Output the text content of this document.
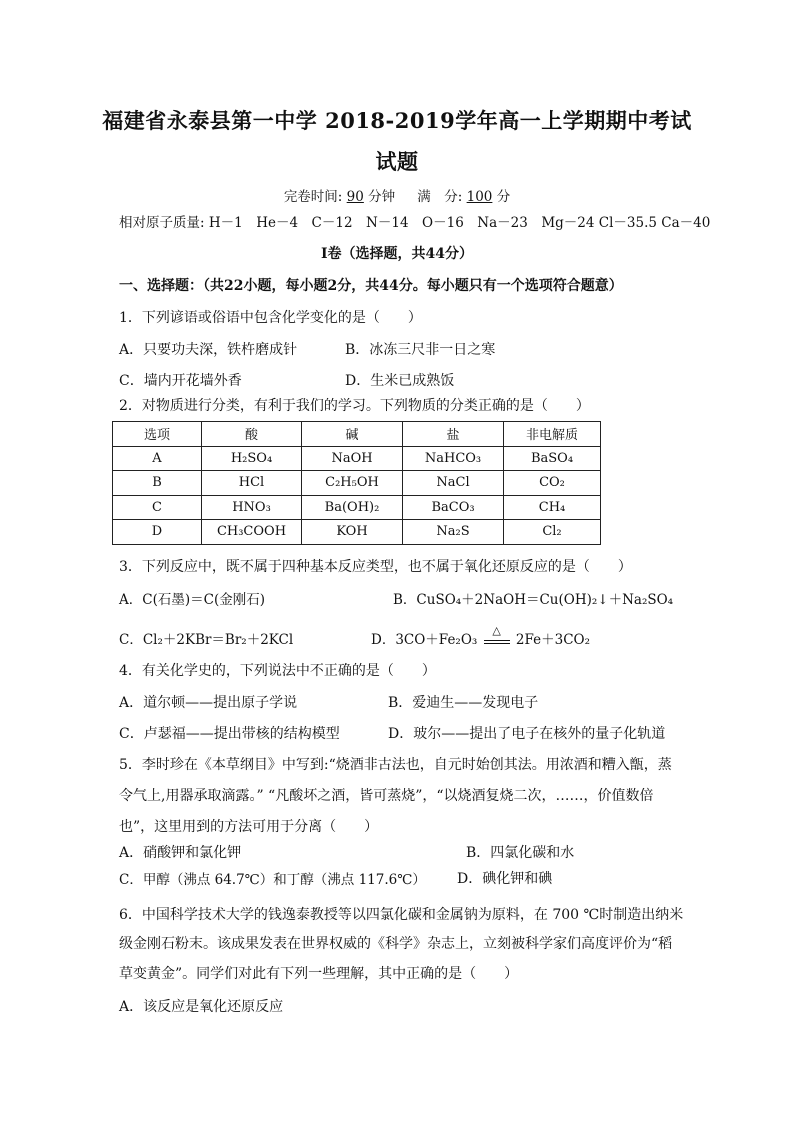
福建省永泰县第一中学 2018-2019学年高一上学期期中考试
试题
完卷时间: 90 分钟 　 满　分: 100 分
相对原子质量: H－1　He－4　C－12　N－14　O－16　Na－23　Mg－24 Cl－35.5 Ca－40
Ⅰ卷（选择题，共44分）
一、选择题：（共22小题，每小题2分，共44分。每小题只有一个选项符合题意）
1．下列谚语或俗语中包含化学变化的是（　　）
A．只要功夫深，铁杵磨成针	B．冰冻三尺非一日之寒
C．墙内开花墙外香	D．生米已成熟饭
2．对物质进行分类，有利于我们的学习。下列物质的分类正确的是（　　）
选项	酸	碱	盐	非电解质
A	H₂SO₄	NaOH	NaHCO₃	BaSO₄
B	HCl	C₂H₅OH	NaCl	CO₂
C	HNO₃	Ba(OH)₂	BaCO₃	CH₄
D	CH₃COOH	KOH	Na₂S	Cl₂
3．下列反应中，既不属于四种基本反应类型，也不属于氧化还原反应的是（　　）
A．C(石墨)＝C(金刚石)	B．CuSO₄＋2NaOH＝Cu(OH)₂↓＋Na₂SO₄
C．Cl₂＋2KBr＝Br₂＋2KCl	D．3CO＋Fe₂O₃
△
2Fe＋3CO₂
4．有关化学史的，下列说法中不正确的是（　　）
A．道尔顿——提出原子学说	B．爱迪生——发现电子
C．卢瑟福——提出带核的结构模型	D．玻尔——提出了电子在核外的量子化轨道
5．李时珍在《本草纲目》中写到:“烧酒非古法也，自元时始创其法。用浓酒和糟入甑，蒸
令气上,用器承取滴露。” “凡酸坏之酒，皆可蒸烧”，“以烧酒复烧二次，……，价值数倍
也”，这里用到的方法可用于分离（　　）
A．硝酸钾和氯化钾	B．四氯化碳和水
C．甲醇（沸点 64.7℃）和丁醇（沸点 117.6℃） D．碘化钾和碘
6．中国科学技术大学的钱逸泰教授等以四氯化碳和金属钠为原料，在 700 ℃时制造出纳米
级金刚石粉末。该成果发表在世界权威的《科学》杂志上，立刻被科学家们高度评价为“稻
草变黄金”。同学们对此有下列一些理解，其中正确的是（　　）
A．该反应是氧化还原反应
